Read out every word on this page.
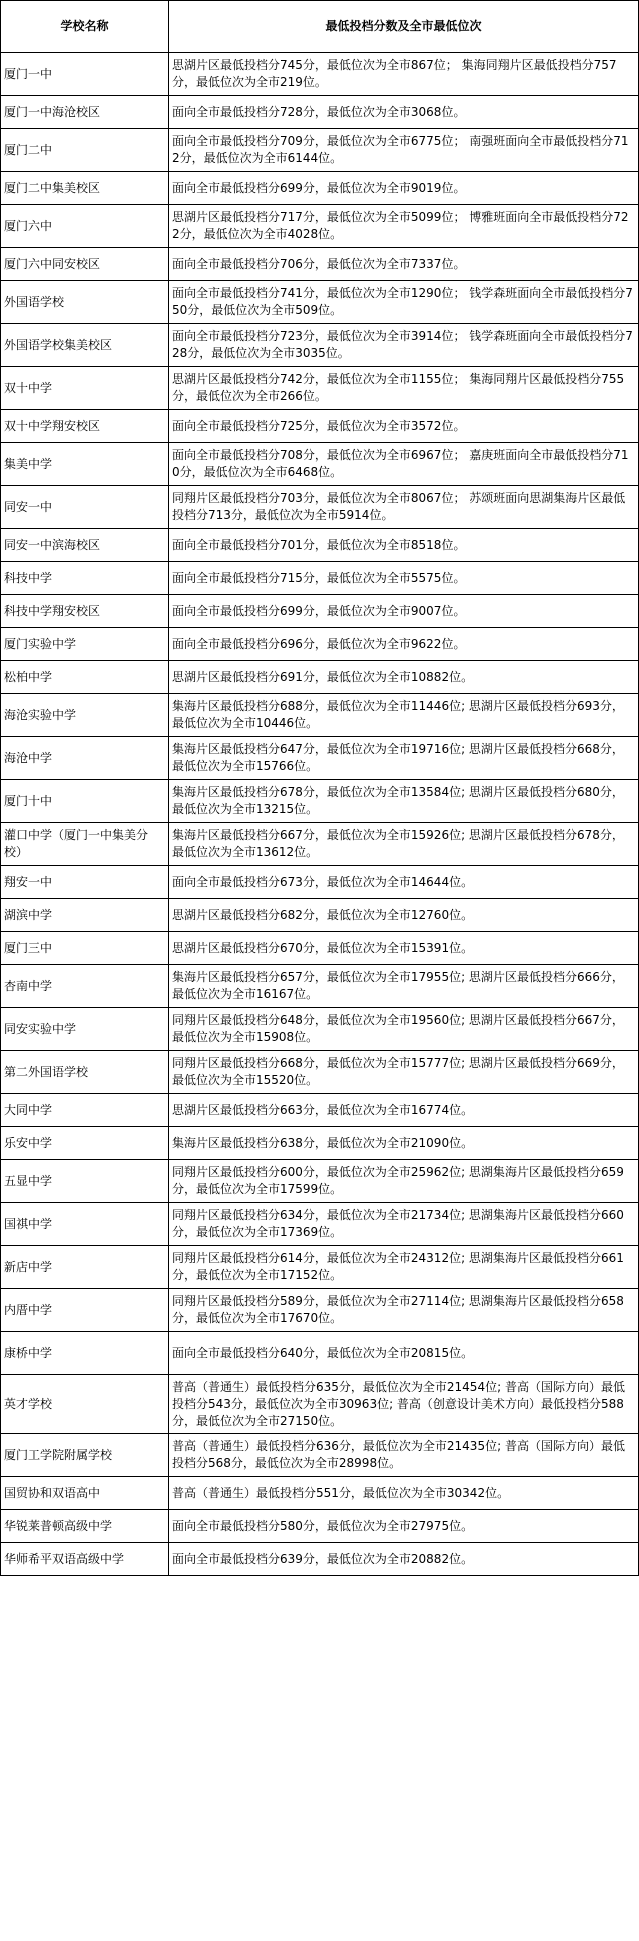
学校名称	最低投档分数及全市最低位次
厦门一中	思湖片区最低投档分745分，最低位次为全市867位； 集海同翔片区最低投档分757分，最低位次为全市219位。
厦门一中海沧校区	面向全市最低投档分728分，最低位次为全市3068位。
厦门二中	面向全市最低投档分709分，最低位次为全市6775位； 南强班面向全市最低投档分712分，最低位次为全市6144位。
厦门二中集美校区	面向全市最低投档分699分，最低位次为全市9019位。
厦门六中	思湖片区最低投档分717分，最低位次为全市5099位； 博雅班面向全市最低投档分722分，最低位次为全市4028位。
厦门六中同安校区	面向全市最低投档分706分，最低位次为全市7337位。
外国语学校	面向全市最低投档分741分，最低位次为全市1290位； 钱学森班面向全市最低投档分750分，最低位次为全市509位。
外国语学校集美校区	面向全市最低投档分723分，最低位次为全市3914位； 钱学森班面向全市最低投档分728分，最低位次为全市3035位。
双十中学	思湖片区最低投档分742分，最低位次为全市1155位； 集海同翔片区最低投档分755分，最低位次为全市266位。
双十中学翔安校区	面向全市最低投档分725分，最低位次为全市3572位。
集美中学	面向全市最低投档分708分，最低位次为全市6967位； 嘉庚班面向全市最低投档分710分，最低位次为全市6468位。
同安一中	同翔片区最低投档分703分，最低位次为全市8067位； 苏颂班面向思湖集海片区最低投档分713分，最低位次为全市5914位。
同安一中滨海校区	面向全市最低投档分701分，最低位次为全市8518位。
科技中学	面向全市最低投档分715分，最低位次为全市5575位。
科技中学翔安校区	面向全市最低投档分699分，最低位次为全市9007位。
厦门实验中学	面向全市最低投档分696分，最低位次为全市9622位。
松柏中学	思湖片区最低投档分691分，最低位次为全市10882位。
海沧实验中学	集海片区最低投档分688分，最低位次为全市11446位; 思湖片区最低投档分693分，最低位次为全市10446位。
海沧中学	集海片区最低投档分647分，最低位次为全市19716位; 思湖片区最低投档分668分，最低位次为全市15766位。
厦门十中	集海片区最低投档分678分，最低位次为全市13584位; 思湖片区最低投档分680分，最低位次为全市13215位。
灌口中学（厦门一中集美分校）	集海片区最低投档分667分，最低位次为全市15926位; 思湖片区最低投档分678分，最低位次为全市13612位。
翔安一中	面向全市最低投档分673分，最低位次为全市14644位。
湖滨中学	思湖片区最低投档分682分，最低位次为全市12760位。
厦门三中	思湖片区最低投档分670分，最低位次为全市15391位。
杏南中学	集海片区最低投档分657分，最低位次为全市17955位; 思湖片区最低投档分666分，最低位次为全市16167位。
同安实验中学	同翔片区最低投档分648分，最低位次为全市19560位; 思湖片区最低投档分667分，最低位次为全市15908位。
第二外国语学校	同翔片区最低投档分668分，最低位次为全市15777位; 思湖片区最低投档分669分，最低位次为全市15520位。
大同中学	思湖片区最低投档分663分，最低位次为全市16774位。
乐安中学	集海片区最低投档分638分，最低位次为全市21090位。
五显中学	同翔片区最低投档分600分，最低位次为全市25962位; 思湖集海片区最低投档分659分，最低位次为全市17599位。
国祺中学	同翔片区最低投档分634分，最低位次为全市21734位; 思湖集海片区最低投档分660分，最低位次为全市17369位。
新店中学	同翔片区最低投档分614分，最低位次为全市24312位; 思湖集海片区最低投档分661分，最低位次为全市17152位。
内厝中学	同翔片区最低投档分589分，最低位次为全市27114位; 思湖集海片区最低投档分658分，最低位次为全市17670位。
康桥中学	面向全市最低投档分640分，最低位次为全市20815位。
英才学校	普高（普通生）最低投档分635分，最低位次为全市21454位; 普高（国际方向）最低投档分543分，最低位次为全市30963位; 普高（创意设计美术方向）最低投档分588分，最低位次为全市27150位。
厦门工学院附属学校	普高（普通生）最低投档分636分，最低位次为全市21435位; 普高（国际方向）最低投档分568分，最低位次为全市28998位。
国贸协和双语高中	普高（普通生）最低投档分551分，最低位次为全市30342位。
华锐莱普顿高级中学	面向全市最低投档分580分，最低位次为全市27975位。
华师希平双语高级中学	面向全市最低投档分639分，最低位次为全市20882位。
